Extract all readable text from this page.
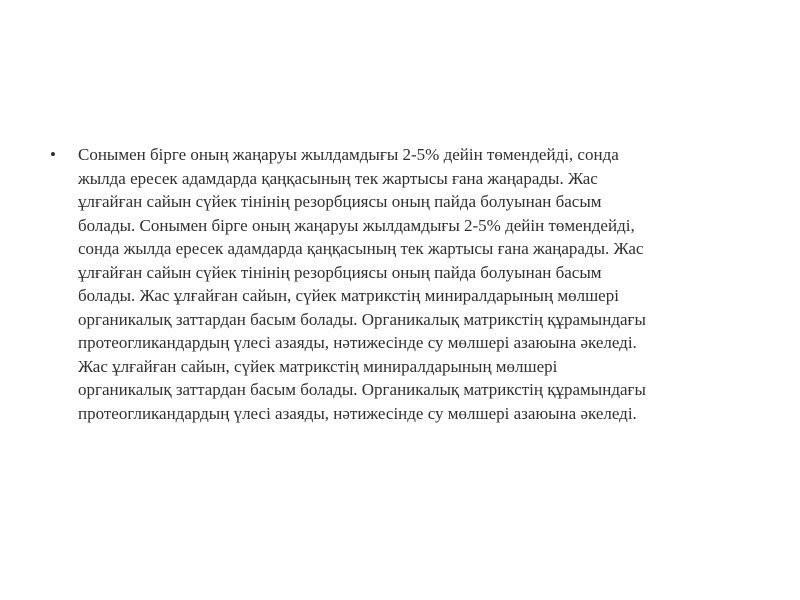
•	Сонымен бірге оның жаңаруы жылдамдығы 2-5% дейін төмендейді, сонда
жылда ересек адамдарда қаңқасының тек жартысы ғана жаңарады. Жас
ұлғайған сайын сүйек тінінің резорбциясы оның пайда болуынан басым
болады. Сонымен бірге оның жаңаруы жылдамдығы 2-5% дейін төмендейді,
сонда жылда ересек адамдарда қаңқасының тек жартысы ғана жаңарады. Жас
ұлғайған сайын сүйек тінінің резорбциясы оның пайда болуынан басым
болады. Жас ұлғайған сайын, сүйек матрикстің миниралдарының мөлшері
органикалық заттардан басым болады. Органикалық матрикстің құрамындағы
протеогликандардың үлесі азаяды, нәтижесінде су мөлшері азаюына әкеледі.
Жас ұлғайған сайын, сүйек матрикстің миниралдарының мөлшері
органикалық заттардан басым болады. Органикалық матрикстің құрамындағы
протеогликандардың үлесі азаяды, нәтижесінде су мөлшері азаюына әкеледі.
